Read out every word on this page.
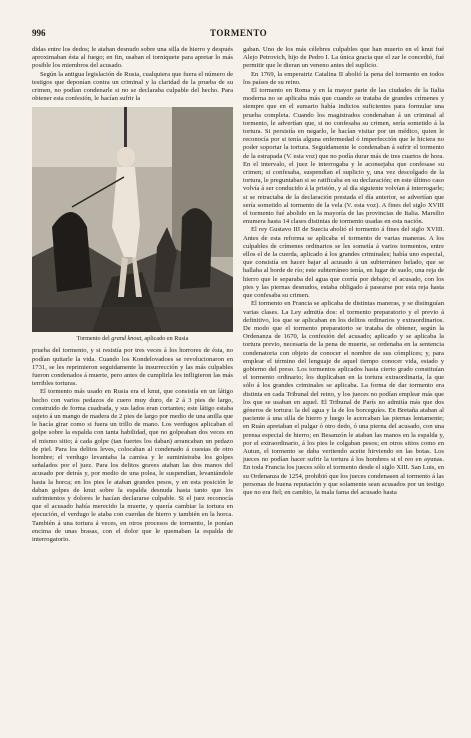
996	TORMENTO

didas entre los dedos; le ataban desnudo sobre una silla de hierro y después aproximaban ésta al fuego; en fin, usaban el torniquete para apretar lo más posible los miembros del acusado.

Según la antigua legislación de Rusia, cualquiera que fuera el número de testigos que deponían contra un criminal y la claridad de la prueba de su crimen, no podían condenarle si no se declaraba culpable del hecho. Para obtener esta confesión, le hacían sufrir la

Tormento del grand knout, aplicado en Rusia

prueba del tormento, y si resistía por tres veces á los horrores de ésta, no podían quitarle la vida. Cuando los Kondelovadoes se revolucionaron en 1731, se les reprimieron seguidamente la insurrección y las más culpables fueron condenados á muerte, pero antes de cumplirla les infligieron las más terribles torturas.

El tormento más usado en Rusia era el knut, que consistía en un látigo hecho con varios pedazos de cuero muy duro, de 2 á 3 pies de largo, construido de forma cuadrada, y sus lados eran cortantes; este látigo estaba sujeto á un mango de madera de 2 pies de largo por medio de una anilla que le hacía girar como si fuera un trillo de mano. Los verdugos aplicaban el golpe sobre la espalda con tanta habilidad, que no golpeaban dos veces en el mismo sitio; á cada golpe (tan fuertes los daban) arrancaban un pedazo de piel. Para los delitos leves, colocaban al condenado á cuestas de otro hombre; el verdugo levantaba la camisa y le suministraba los golpes señalados por el juez. Para los delitos graves ataban las dos manos del acusado por detrás y, por medio de una polea, le suspendían, levantándole hasta la horca; en los pies le ataban grandes pesos, y en esta posición le daban golpes de knut sobre la espalda desnuda hasta tanto que los sufrimientos y dolores le hacían declararse culpable. Si el juez reconocía que el acusado había merecido la muerte, y quería cambiar la tortura en ejecución, el verdugo le ataba con cuerdas de hierro y también en la horca. También á una tortura á veces, en otros procesos de tormento, le ponían encima de unas brasas, con el dolor que le quemaban la espalda de interrogatorio.

gaban. Uno de los más célebres culpables que han muerto en el knut fué Alejo Petrovich, hijo de Pedro I. La única gracia que el zar le concedió, fué permitir que le dieran un veneno antes del suplicio.

En 1769, la emperatriz Catalina II abolió la pena del tormento en todos los países de su reino.

El tormento en Roma y en la mayor parte de las ciudades de la Italia moderna no se aplicaba más que cuando se trataba de grandes crímenes y siempre que en el sumario había indicios suficientes para formular una prueba completa. Cuando los magistrados condenaban á un criminal al tormento, le advertían que, si no confesaba su crimen, sería sometido á la tortura. Si persistía en negarlo, le hacían visitar por un médico, quien le reconocía por si tenía alguna enfermedad ó imperfección que le hiciera no poder soportar la tortura. Seguidamente le condenaban á sufrir el tormento de la estrapada (V. esta voz) que no podía durar más de tres cuartos de hora. En el intervalo, el juez le interrogaba y le aconsejaba que confesase su crimen; si confesaba, suspendían el suplicio y, una vez descolgado de la tortura, le preguntaban si se ratificaba en su declaración; en este último caso volvía á ser conducido á la prisión, y al día siguiente volvían á interrogarle; si se retractaba de la declaración prestada el día anterior, se advertían que sería sometido al tormento de la vela (V. esta voz). A fines del siglo XVIII el tormento fué abolido en la mayoría de las provincias de Italia. Marsilio enumera hasta 14 clases distintas de tormento usadas en esta nación.

El rey Gustavo III de Suecia abolió el tormento á fines del siglo XVIII. Antes de esta reforma se aplicaba el tormento de varias maneras. A los culpables de crímenes ordinarios se les sometía á varios tormentos, entre ellos el de la cuerda, aplicado á los grandes criminales; había uno especial, que consistía en hacer bajar al acusado á un subterráneo helado, que se hallaba al borde de río; este subterráneo tenía, en lugar de suelo, una reja de hierro que le separaba del agua que corría por debajo; el acusado, con los pies y las piernas desnudos, estaba obligado á pasearse por esta reja hasta que confesaba su crimen.

El tormento en Francia se aplicaba de distintas maneras, y se distinguían varias clases. La Ley admitía dos: el tormento preparatorio y el previo á definitivo, los que se aplicaban en los delitos ordinarios y extraordinarios. De modo que el tormento preparatorio se trataba de obtener, según la Ordenanza de 1670, la confesión del acusado; aplicado y se aplicaba la tortura previo, necesaria de la pena de muerte, se ordenaba en la sentencia condenatoria con objeto de conocer el nombre de sus cómplices; y, para emplear el término del lenguaje de aquel tiempo conocer vida, estado y gobierno del preso. Los tormentos aplicados hasta cierto grado constituían el tormento ordinario; los duplicaban en la tortura extraordinaria, la que sólo á los grandes criminales se aplicaba. La forma de dar tormento era distinta en cada Tribunal del reino, y los jueces no podían emplear más que los que se usaban en aquel. El Tribunal de París no admitía más que dos géneros de tortura: la del agua y la de los borceguíes. En Bretaña ataban al paciente á una silla de hierro y luego le acercaban las piernas lentamente; en Ruán apretaban el pulgar ó otro dedo, ó una pierna del acusado, con una prensa especial de hierro; en Besanzón le ataban las manos en la espalda y, por el extraordinario, á los pies le colgaban pesos; en otros sitios como en Autun, el tormento se daba vertiendo aceite hirviendo en las botas. Los jueces no podían hacer sufrir la tortura á los hombres si el reo en ayunas. En toda Francia los jueces sólo el tormento desde el siglo XIII. San Luis, en su Ordenanza de 1254, prohibió que los jueces condenasen al tormento á las personas de buena reputación y que solamente sean acusados por un testigo que no era fiel; en cambio, la mala fama del acusado hasta
